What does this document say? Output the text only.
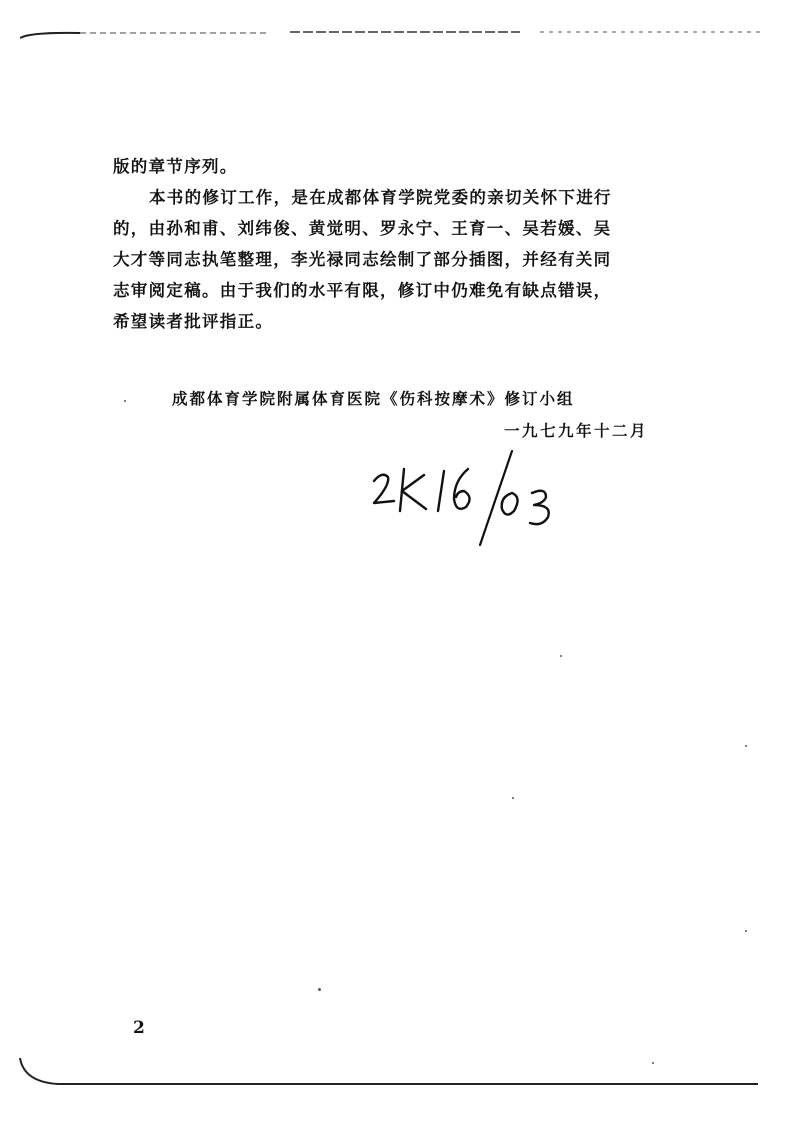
版的章节序列。
本书的修订工作，是在成都体育学院党委的亲切关怀下进行
的，由孙和甫、刘纬俊、黄觉明、罗永宁、王育一、吴若媛、吴
大才等同志执笔整理，李光禄同志绘制了部分插图，并经有关同
志审阅定稿。由于我们的水平有限，修订中仍难免有缺点错误，
希望读者批评指正。
成都体育学院附属体育医院《伤科按摩术》修订小组
一九七九年十二月
2
